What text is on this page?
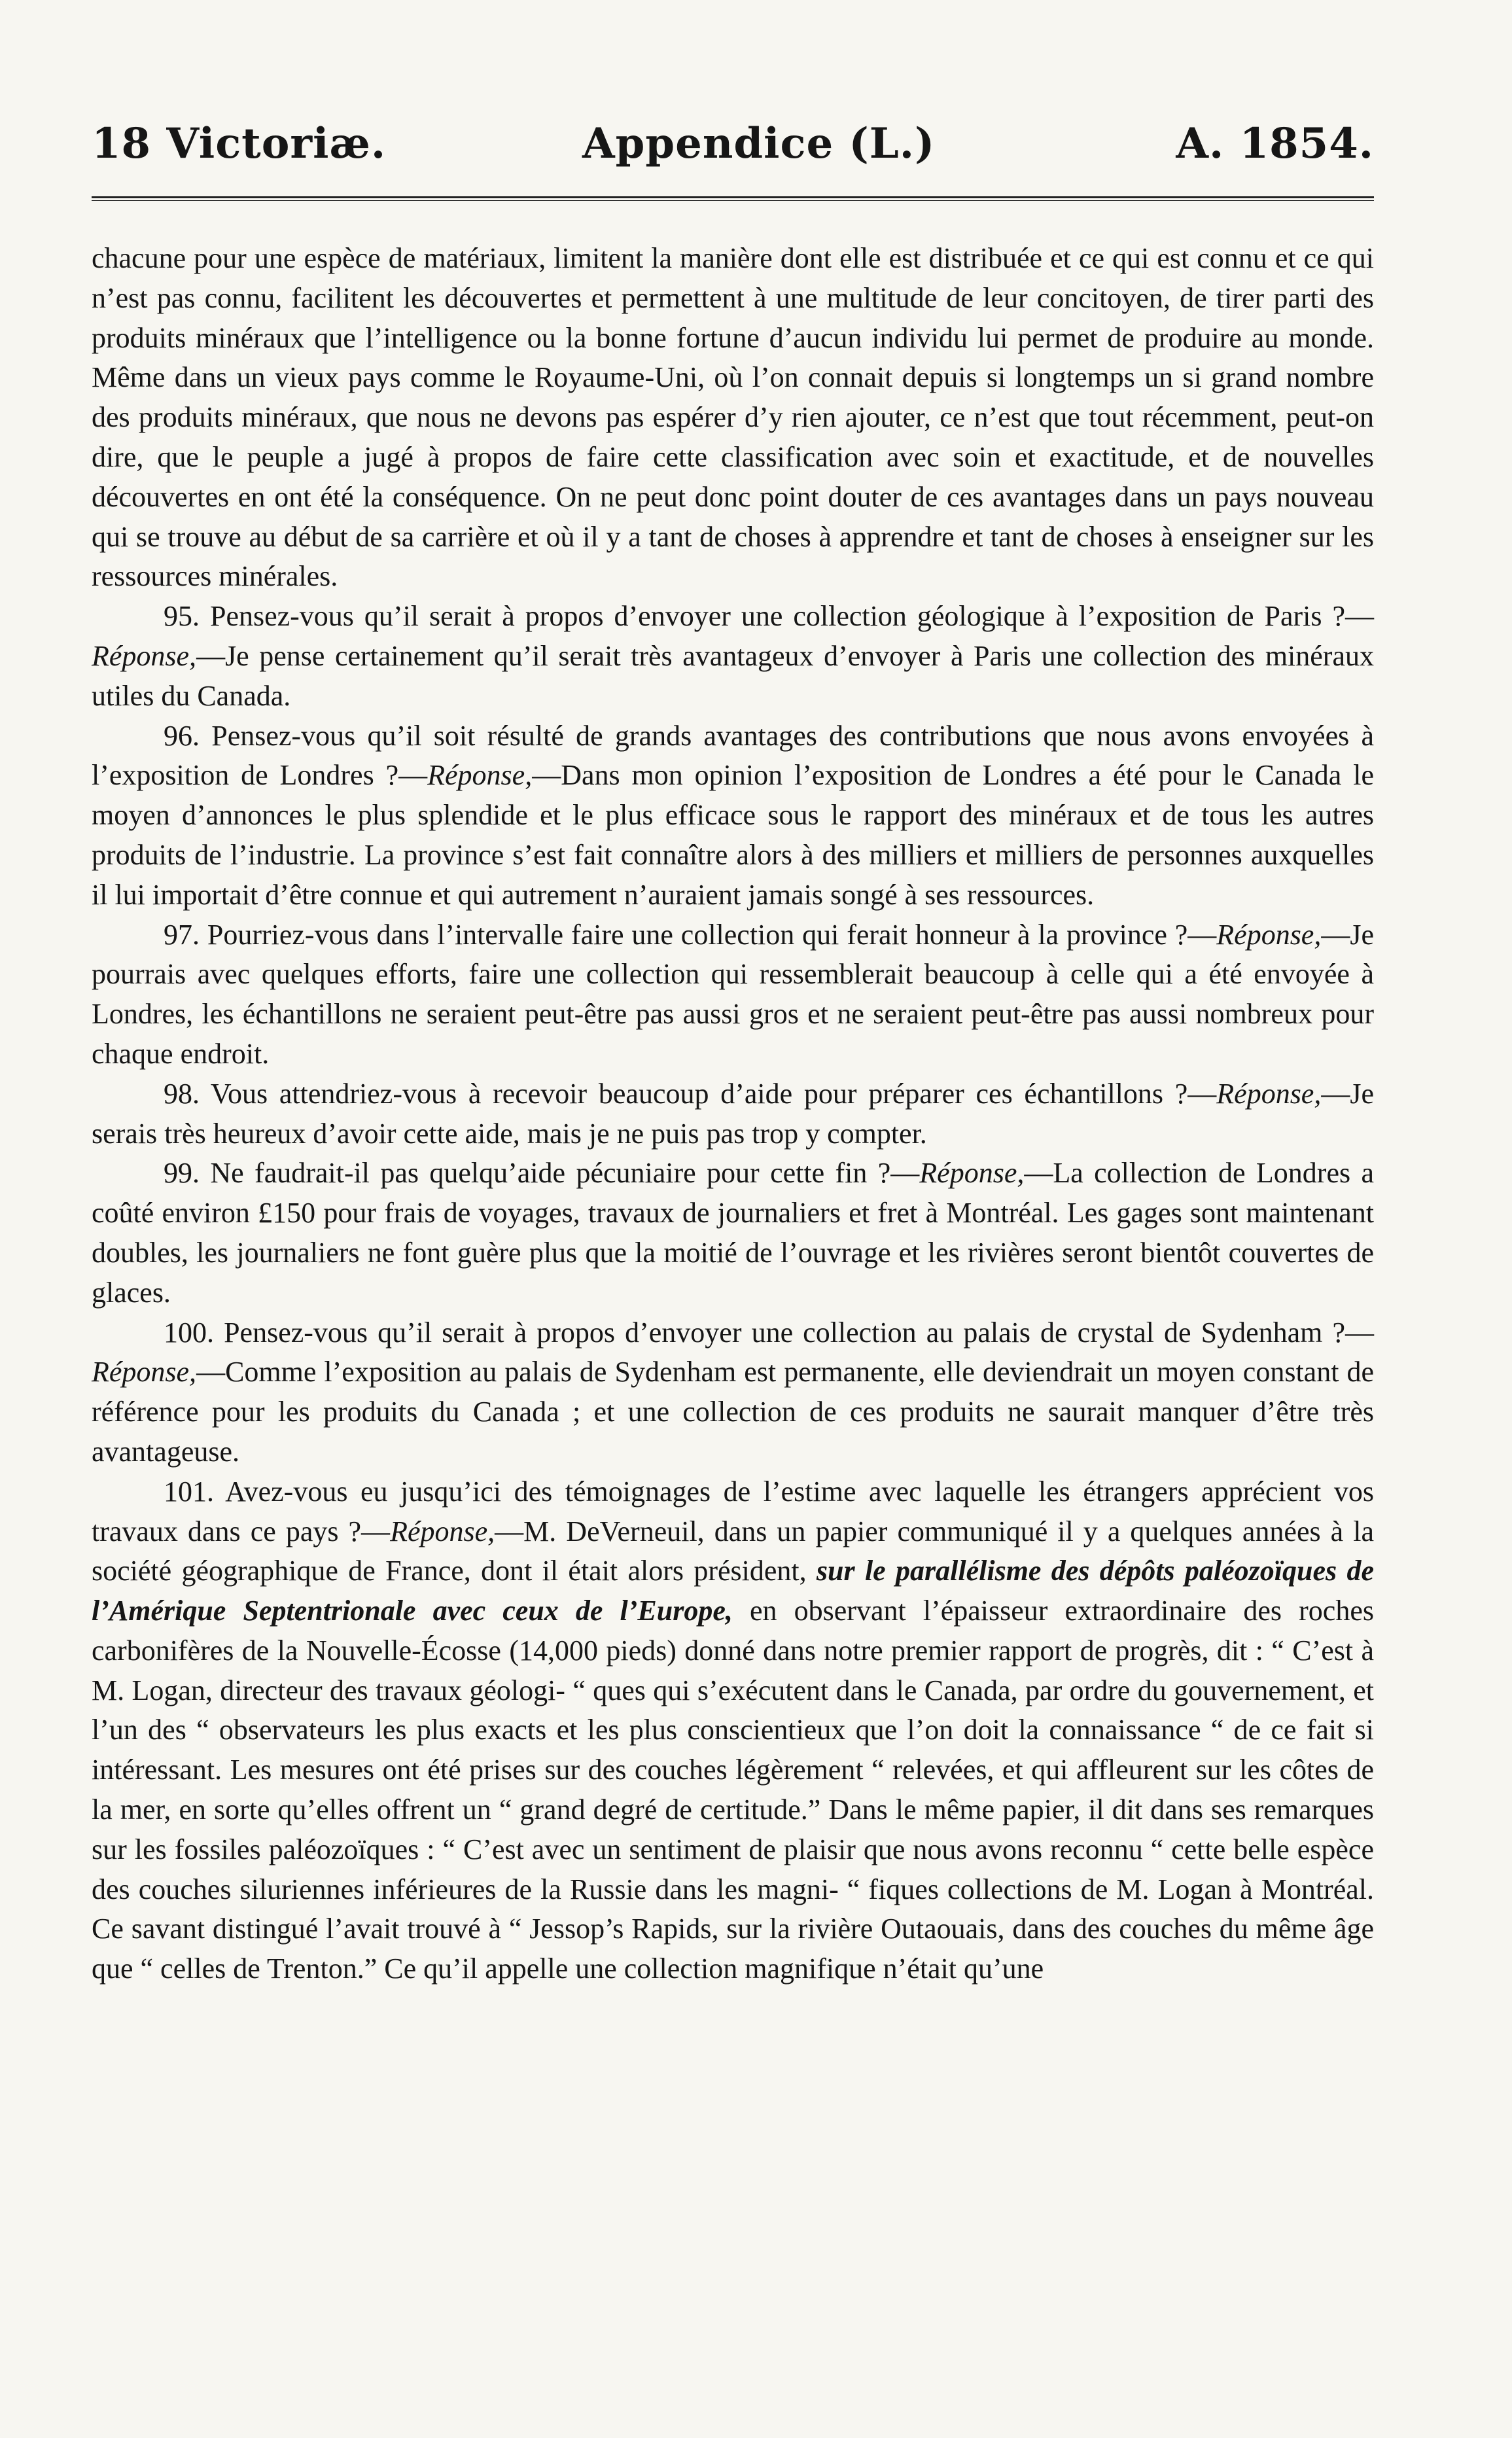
18 Victoriæ.	Appendice (L.)	A. 1854.

chacune pour une espèce de matériaux, limitent la manière dont elle est distribuée et ce qui est connu et ce qui n’est pas connu, facilitent les découvertes et permettent à une multitude de leur concitoyen, de tirer parti des produits minéraux que l’intelligence ou la bonne fortune d’aucun individu lui permet de produire au monde. Même dans un vieux pays comme le Royaume-Uni, où l’on connait depuis si longtemps un si grand nombre des produits minéraux, que nous ne devons pas espérer d’y rien ajouter, ce n’est que tout récemment, peut-on dire, que le peuple a jugé à propos de faire cette classification avec soin et exactitude, et de nouvelles découvertes en ont été la conséquence. On ne peut donc point douter de ces avantages dans un pays nouveau qui se trouve au début de sa carrière et où il y a tant de choses à apprendre et tant de choses à enseigner sur les ressources minérales.

95. Pensez-vous qu’il serait à propos d’envoyer une collection géologique à l’exposition de Paris ?—Réponse,—Je pense certainement qu’il serait très avantageux d’envoyer à Paris une collection des minéraux utiles du Canada.

96. Pensez-vous qu’il soit résulté de grands avantages des contributions que nous avons envoyées à l’exposition de Londres ?—Réponse,—Dans mon opinion l’exposition de Londres a été pour le Canada le moyen d’annonces le plus splendide et le plus efficace sous le rapport des minéraux et de tous les autres produits de l’industrie. La province s’est fait connaître alors à des milliers et milliers de personnes auxquelles il lui importait d’être connue et qui autrement n’auraient jamais songé à ses ressources.

97. Pourriez-vous dans l’intervalle faire une collection qui ferait honneur à la province ?—Réponse,—Je pourrais avec quelques efforts, faire une collection qui ressemblerait beaucoup à celle qui a été envoyée à Londres, les échantillons ne seraient peut-être pas aussi gros et ne seraient peut-être pas aussi nombreux pour chaque endroit.

98. Vous attendriez-vous à recevoir beaucoup d’aide pour préparer ces échantillons ?—Réponse,—Je serais très heureux d’avoir cette aide, mais je ne puis pas trop y compter.

99. Ne faudrait-il pas quelqu’aide pécuniaire pour cette fin ?—Réponse,—La collection de Londres a coûté environ £150 pour frais de voyages, travaux de journaliers et fret à Montréal. Les gages sont maintenant doubles, les journaliers ne font guère plus que la moitié de l’ouvrage et les rivières seront bientôt couvertes de glaces.

100. Pensez-vous qu’il serait à propos d’envoyer une collection au palais de crystal de Sydenham ?—Réponse,—Comme l’exposition au palais de Sydenham est permanente, elle deviendrait un moyen constant de référence pour les produits du Canada ; et une collection de ces produits ne saurait manquer d’être très avantageuse.

101. Avez-vous eu jusqu’ici des témoignages de l’estime avec laquelle les étrangers apprécient vos travaux dans ce pays ?—Réponse,—M. DeVerneuil, dans un papier communiqué il y a quelques années à la société géographique de France, dont il était alors président, sur le parallélisme des dépôts paléozoïques de l’Amérique Septentrionale avec ceux de l’Europe, en observant l’épaisseur extraordinaire des roches carbonifères de la Nouvelle-Écosse (14,000 pieds) donné dans notre premier rapport de progrès, dit : “ C’est à M. Logan, directeur des travaux géologi- “ ques qui s’exécutent dans le Canada, par ordre du gouvernement, et l’un des “ observateurs les plus exacts et les plus conscientieux que l’on doit la connaissance “ de ce fait si intéressant. Les mesures ont été prises sur des couches légèrement “ relevées, et qui affleurent sur les côtes de la mer, en sorte qu’elles offrent un “ grand degré de certitude.” Dans le même papier, il dit dans ses remarques sur les fossiles paléozoïques : “ C’est avec un sentiment de plaisir que nous avons reconnu “ cette belle espèce des couches siluriennes inférieures de la Russie dans les magni- “ fiques collections de M. Logan à Montréal. Ce savant distingué l’avait trouvé à “ Jessop’s Rapids, sur la rivière Outaouais, dans des couches du même âge que “ celles de Trenton.” Ce qu’il appelle une collection magnifique n’était qu’une
